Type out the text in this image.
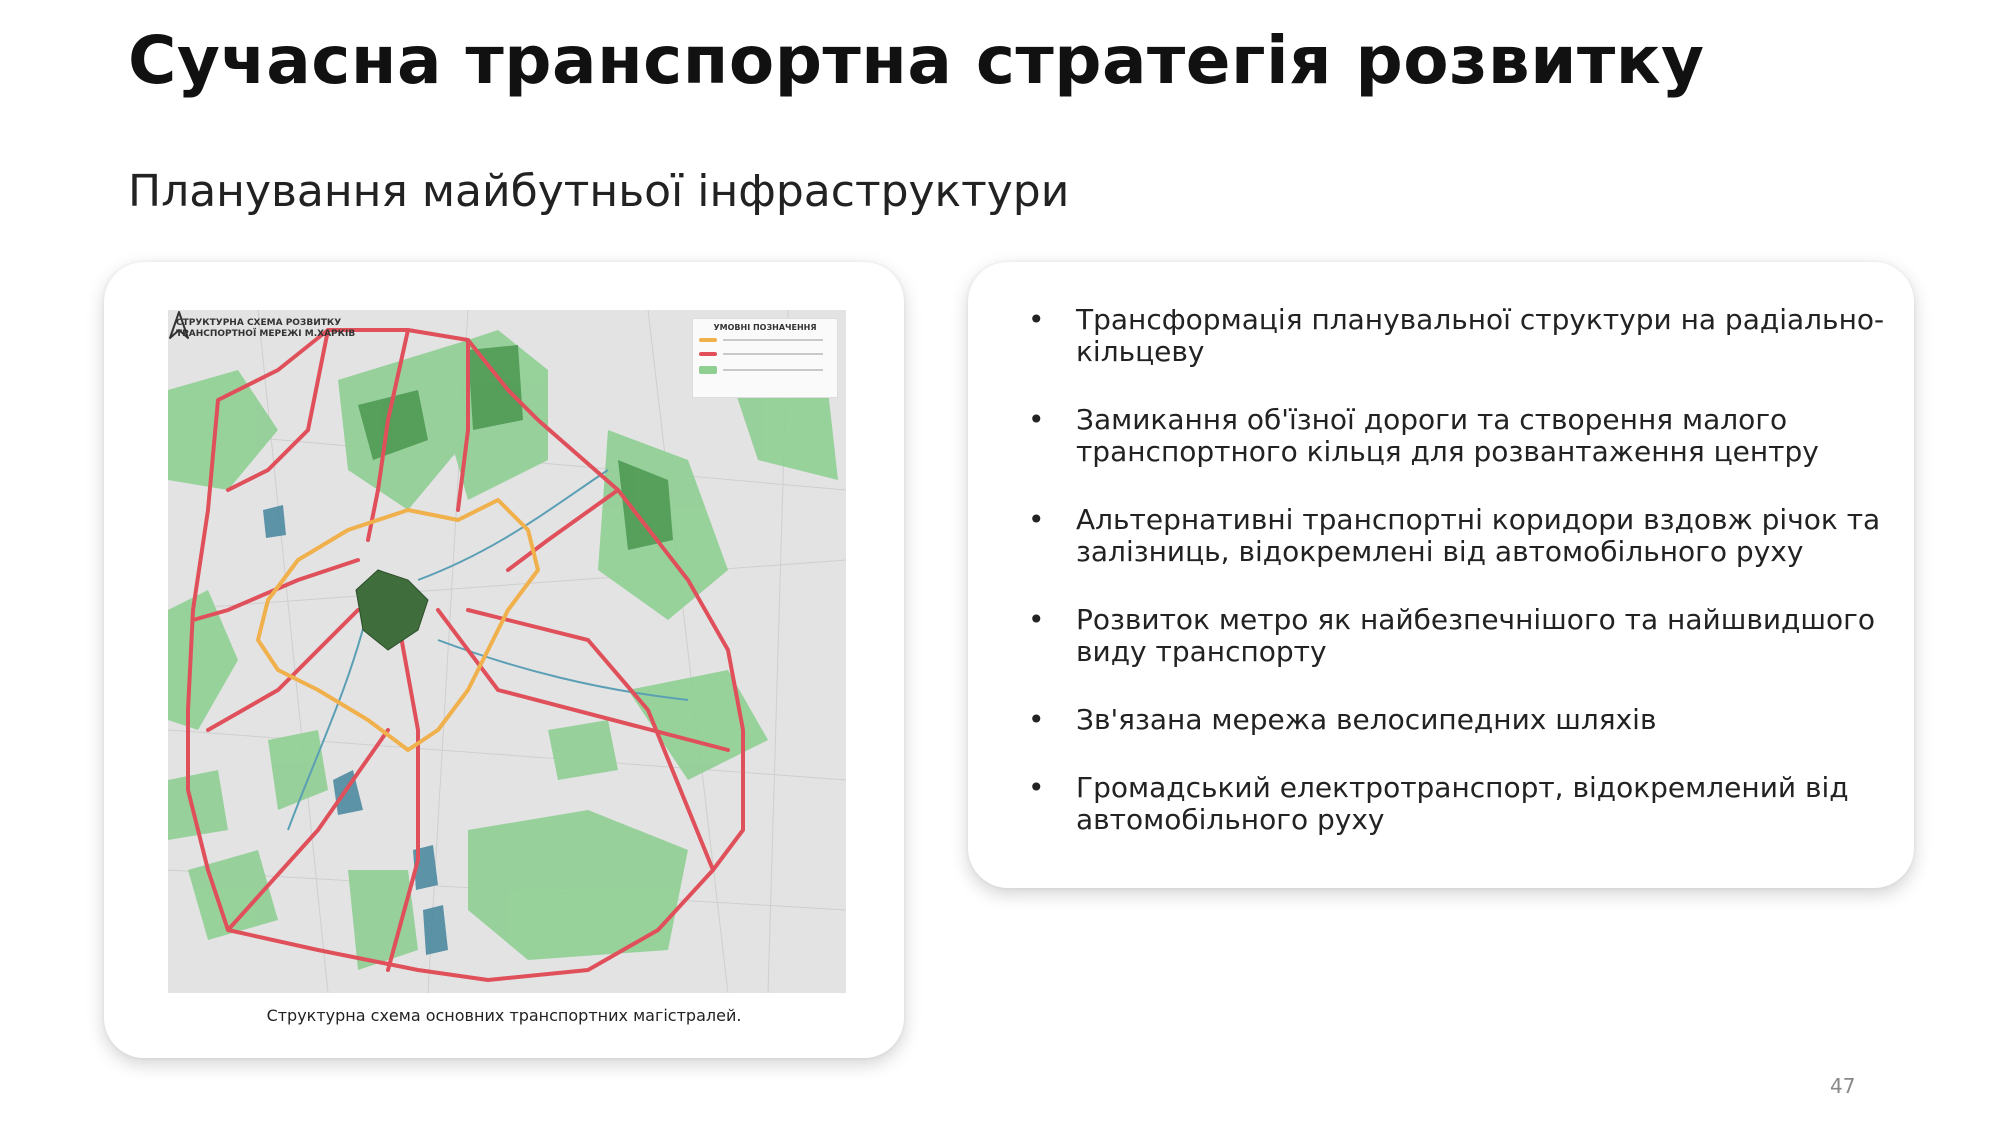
Сучасна транспортна стратегія розвитку
Планування майбутньої інфраструктури
СТРУКТУРНА СХЕМА РОЗВИТКУ
ТРАНСПОРТНОЇ МЕРЕЖІ М.ХАРКІВ
УМОВНІ ПОЗНАЧЕННЯ
Структурна схема основних транспортних магістралей.
• Трансформація планувальної структури на радіально-кільцеву
• Замикання об'їзної дороги та створення малого транспортного кільця для розвантаження центру
• Альтернативні транспортні коридори вздовж річок та залізниць, відокремлені від автомобільного руху
• Розвиток метро як найбезпечнішого та найшвидшого виду транспорту
• Зв'язана мережа велосипедних шляхів
• Громадський електротранспорт, відокремлений від автомобільного руху
47
